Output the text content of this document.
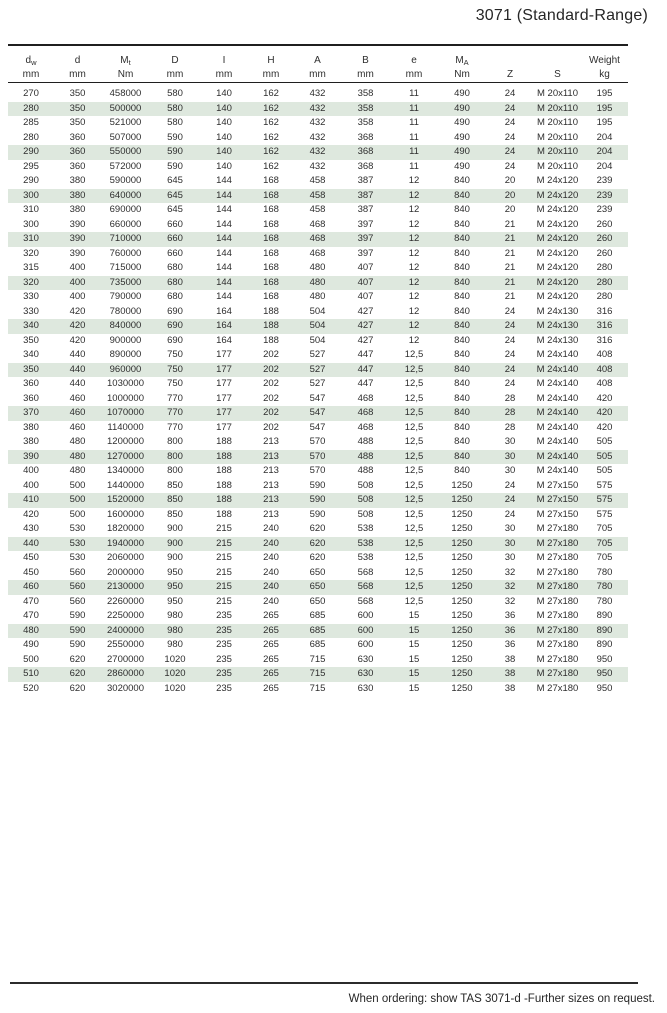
3071 (Standard-Range)
$d_w$	d	$M_t$	D	I	H	A	B	e	$M_A$			Weight
mm	mm	Nm	mm	mm	mm	mm	mm	mm	Nm	Z	S	kg

270	350	458000	580	140	162	432	358	11	490	24	M 20x110	195
280	350	500000	580	140	162	432	358	11	490	24	M 20x110	195
285	350	521000	580	140	162	432	358	11	490	24	M 20x110	195
280	360	507000	590	140	162	432	368	11	490	24	M 20x110	204
290	360	550000	590	140	162	432	368	11	490	24	M 20x110	204
295	360	572000	590	140	162	432	368	11	490	24	M 20x110	204
290	380	590000	645	144	168	458	387	12	840	20	M 24x120	239
300	380	640000	645	144	168	458	387	12	840	20	M 24x120	239
310	380	690000	645	144	168	458	387	12	840	20	M 24x120	239
300	390	660000	660	144	168	468	397	12	840	21	M 24x120	260
310	390	710000	660	144	168	468	397	12	840	21	M 24x120	260
320	390	760000	660	144	168	468	397	12	840	21	M 24x120	260
315	400	715000	680	144	168	480	407	12	840	21	M 24x120	280
320	400	735000	680	144	168	480	407	12	840	21	M 24x120	280
330	400	790000	680	144	168	480	407	12	840	21	M 24x120	280
330	420	780000	690	164	188	504	427	12	840	24	M 24x130	316
340	420	840000	690	164	188	504	427	12	840	24	M 24x130	316
350	420	900000	690	164	188	504	427	12	840	24	M 24x130	316
340	440	890000	750	177	202	527	447	12,5	840	24	M 24x140	408
350	440	960000	750	177	202	527	447	12,5	840	24	M 24x140	408
360	440	1030000	750	177	202	527	447	12,5	840	24	M 24x140	408
360	460	1000000	770	177	202	547	468	12,5	840	28	M 24x140	420
370	460	1070000	770	177	202	547	468	12,5	840	28	M 24x140	420
380	460	1140000	770	177	202	547	468	12,5	840	28	M 24x140	420
380	480	1200000	800	188	213	570	488	12,5	840	30	M 24x140	505
390	480	1270000	800	188	213	570	488	12,5	840	30	M 24x140	505
400	480	1340000	800	188	213	570	488	12,5	840	30	M 24x140	505
400	500	1440000	850	188	213	590	508	12,5	1250	24	M 27x150	575
410	500	1520000	850	188	213	590	508	12,5	1250	24	M 27x150	575
420	500	1600000	850	188	213	590	508	12,5	1250	24	M 27x150	575
430	530	1820000	900	215	240	620	538	12,5	1250	30	M 27x180	705
440	530	1940000	900	215	240	620	538	12,5	1250	30	M 27x180	705
450	530	2060000	900	215	240	620	538	12,5	1250	30	M 27x180	705
450	560	2000000	950	215	240	650	568	12,5	1250	32	M 27x180	780
460	560	2130000	950	215	240	650	568	12,5	1250	32	M 27x180	780
470	560	2260000	950	215	240	650	568	12,5	1250	32	M 27x180	780
470	590	2250000	980	235	265	685	600	15	1250	36	M 27x180	890
480	590	2400000	980	235	265	685	600	15	1250	36	M 27x180	890
490	590	2550000	980	235	265	685	600	15	1250	36	M 27x180	890
500	620	2700000	1020	235	265	715	630	15	1250	38	M 27x180	950
510	620	2860000	1020	235	265	715	630	15	1250	38	M 27x180	950
520	620	3020000	1020	235	265	715	630	15	1250	38	M 27x180	950
When ordering: show TAS 3071-d -Further sizes on request.
